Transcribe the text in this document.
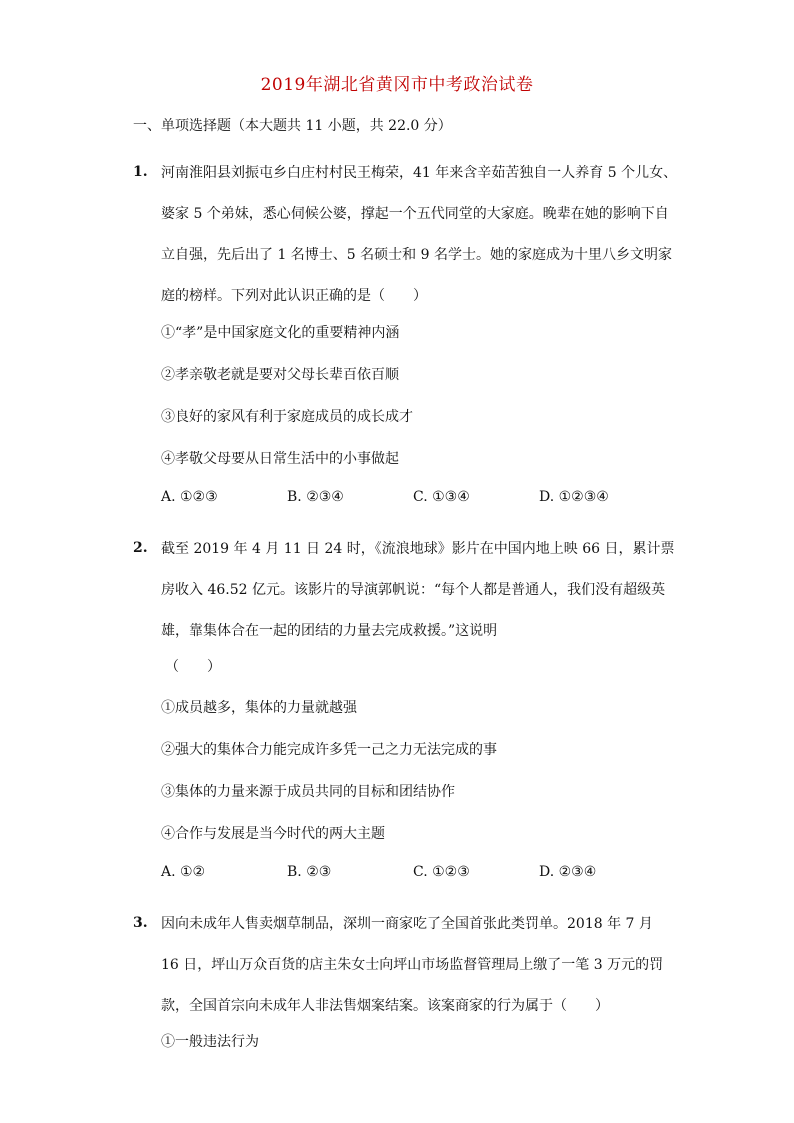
2019年湖北省黄冈市中考政治试卷
一、单项选择题（本大题共 11 小题，共 22.0 分）
1. 河南淮阳县刘振屯乡白庄村村民王梅荣，41 年来含辛茹苦独自一人养育 5 个儿女、
婆家 5 个弟妹，悉心伺候公婆，撑起一个五代同堂的大家庭。晚辈在她的影响下自
立自强，先后出了 1 名博士、5 名硕士和 9 名学士。她的家庭成为十里八乡文明家
庭的榜样。下列对此认识正确的是（　　）
①“孝”是中国家庭文化的重要精神内涵
②孝亲敬老就是要对父母长辈百依百顺
③良好的家风有利于家庭成员的成长成才
④孝敬父母要从日常生活中的小事做起
A. ①②③	B. ②③④	C. ①③④	D. ①②③④
2. 截至 2019 年 4 月 11 日 24 时，《流浪地球》影片在中国内地上映 66 日，累计票
房收入 46.52 亿元。该影片的导演郭帆说：“每个人都是普通人，我们没有超级英
雄，靠集体合在一起的团结的力量去完成救援。”这说明
（　　）
①成员越多，集体的力量就越强
②强大的集体合力能完成许多凭一己之力无法完成的事
③集体的力量来源于成员共同的目标和团结协作
④合作与发展是当今时代的两大主题
A. ①②	B. ②③	C. ①②③	D. ②③④
3. 因向未成年人售卖烟草制品，深圳一商家吃了全国首张此类罚单。2018 年 7 月
16 日，坪山万众百货的店主朱女士向坪山市场监督管理局上缴了一笔 3 万元的罚
款，全国首宗向未成年人非法售烟案结案。该案商家的行为属于（　　）
①一般违法行为
